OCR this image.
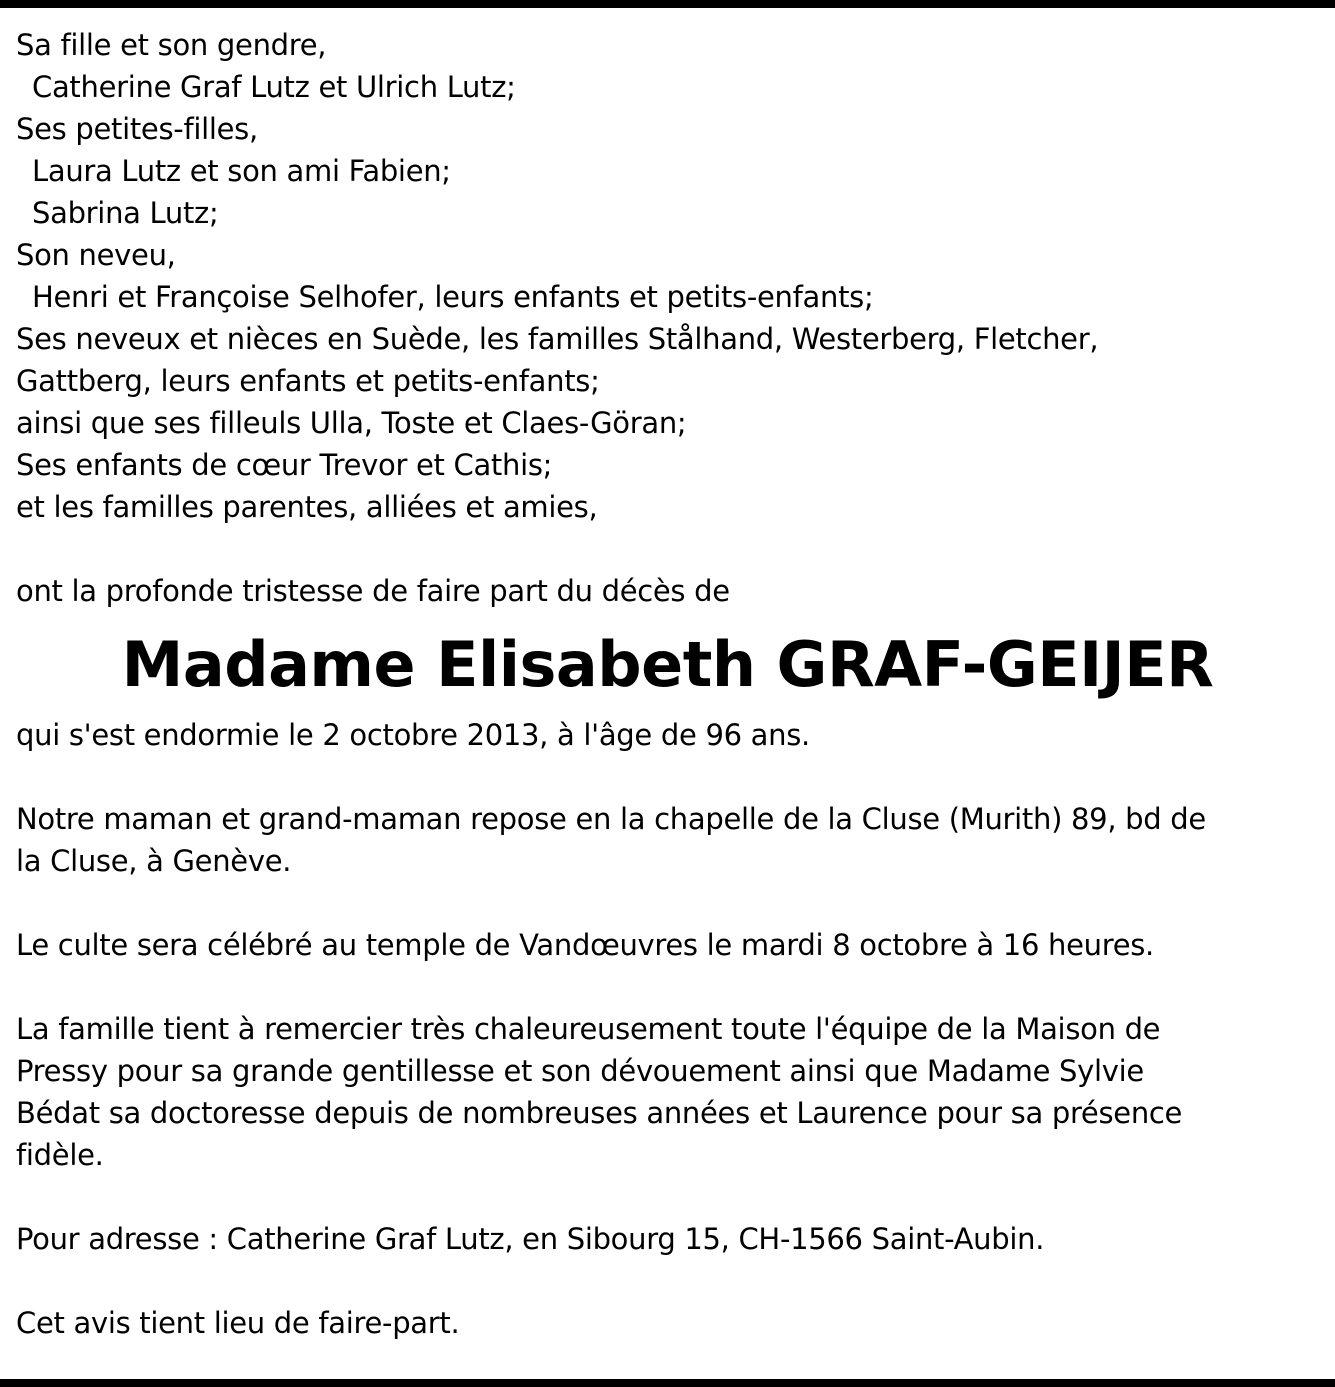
Sa fille et son gendre,
Catherine Graf Lutz et Ulrich Lutz;
Ses petites-filles,
Laura Lutz et son ami Fabien;
Sabrina Lutz;
Son neveu,
Henri et Françoise Selhofer, leurs enfants et petits-enfants;
Ses neveux et nièces en Suède, les familles Stålhand, Westerberg, Fletcher,
Gattberg, leurs enfants et petits-enfants;
ainsi que ses filleuls Ulla, Toste et Claes-Göran;
Ses enfants de cœur Trevor et Cathis;
et les familles parentes, alliées et amies,
ont la profonde tristesse de faire part du décès de
Madame Elisabeth GRAF-GEIJER
qui s'est endormie le 2 octobre 2013, à l'âge de 96 ans.
Notre maman et grand-maman repose en la chapelle de la Cluse (Murith) 89, bd de
la Cluse, à Genève.
Le culte sera célébré au temple de Vandœuvres le mardi 8 octobre à 16 heures.
La famille tient à remercier très chaleureusement toute l'équipe de la Maison de
Pressy pour sa grande gentillesse et son dévouement ainsi que Madame Sylvie
Bédat sa doctoresse depuis de nombreuses années et Laurence pour sa présence
fidèle.
Pour adresse : Catherine Graf Lutz, en Sibourg 15, CH-1566 Saint-Aubin.
Cet avis tient lieu de faire-part.
